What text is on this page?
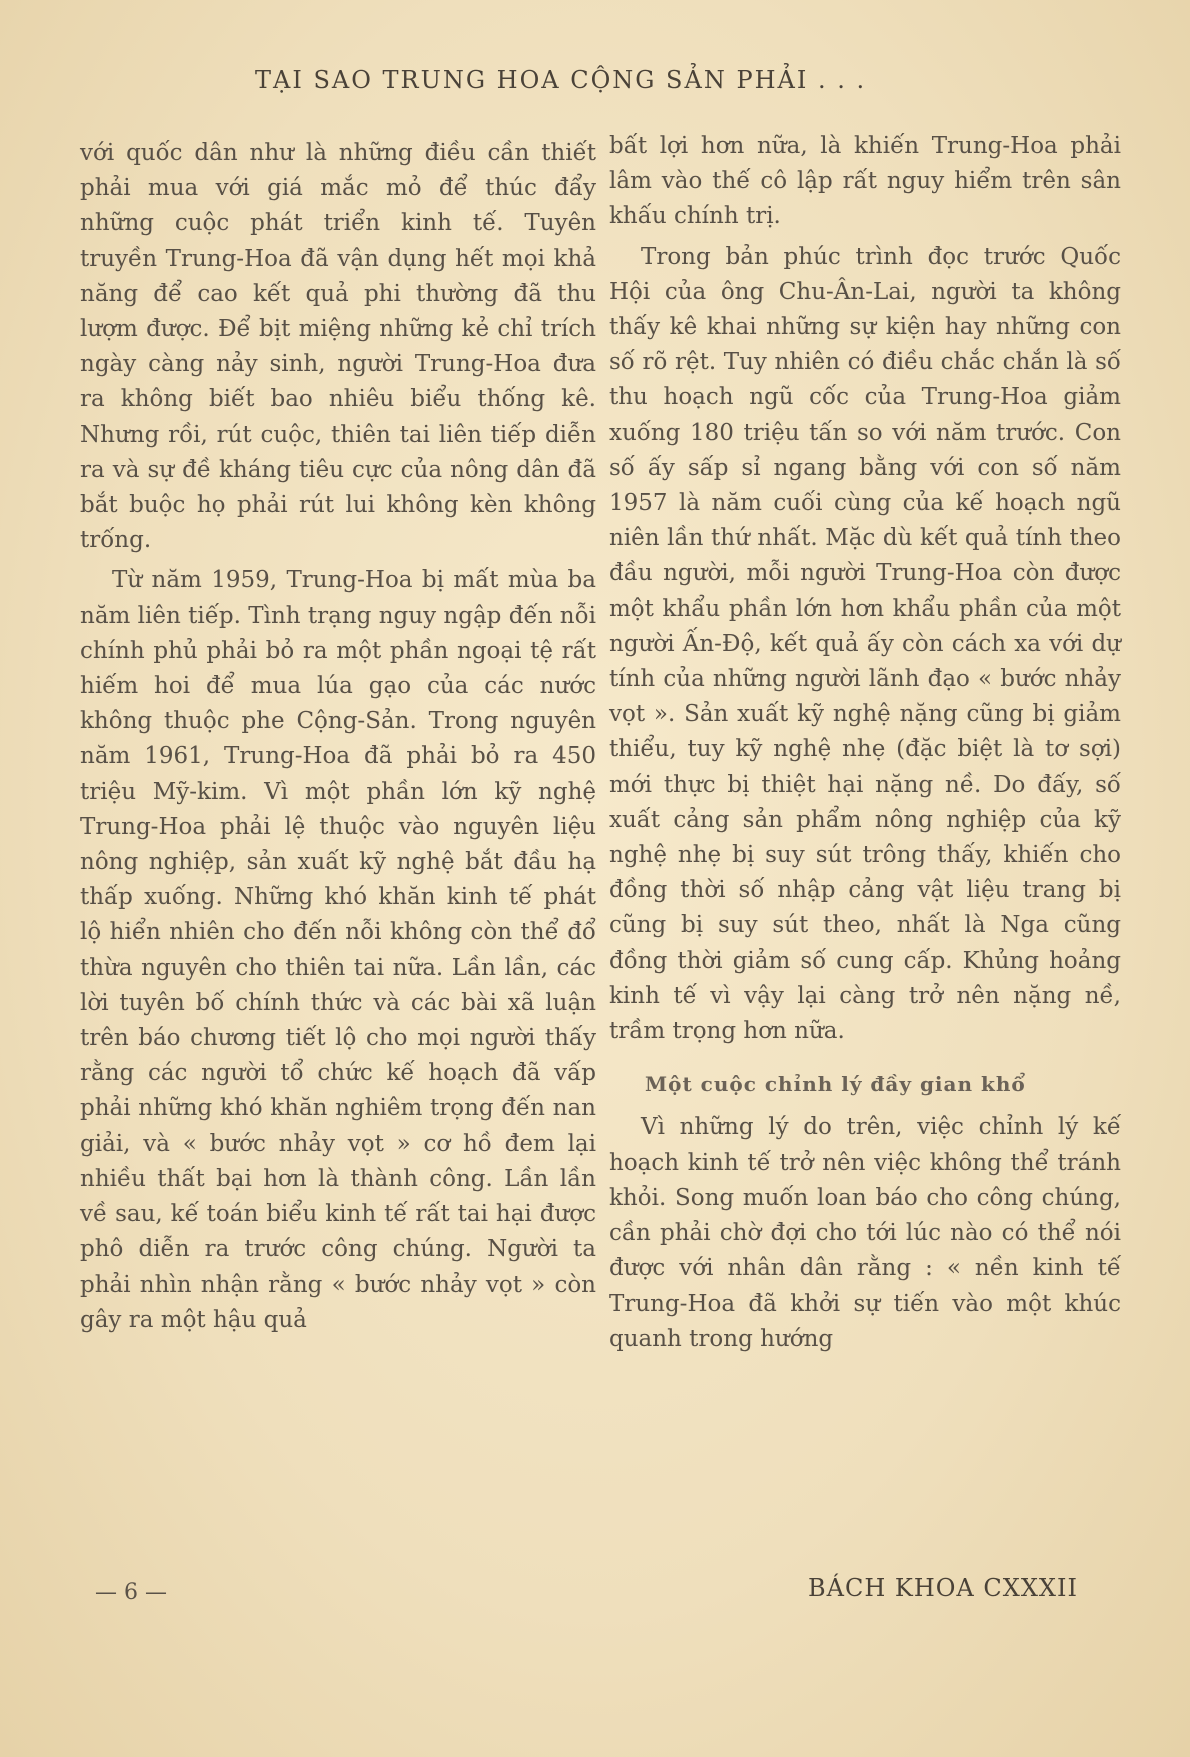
TẠI SAO TRUNG HOA CỘNG SẢN PHẢI . . .

với quốc dân như là những điều cần thiết phải mua với giá mắc mỏ để thúc đẩy những cuộc phát triển kinh tế. Tuyên truyền Trung-Hoa đã vận dụng hết mọi khả năng để cao kết quả phi thường đã thu lượm được. Để bịt miệng những kẻ chỉ trích ngày càng nảy sinh, người Trung-Hoa đưa ra không biết bao nhiêu biểu thống kê. Nhưng rồi, rút cuộc, thiên tai liên tiếp diễn ra và sự đề kháng tiêu cực của nông dân đã bắt buộc họ phải rút lui không kèn không trống.

Từ năm 1959, Trung-Hoa bị mất mùa ba năm liên tiếp. Tình trạng nguy ngập đến nỗi chính phủ phải bỏ ra một phần ngoại tệ rất hiếm hoi để mua lúa gạo của các nước không thuộc phe Cộng-Sản. Trong nguyên năm 1961, Trung-Hoa đã phải bỏ ra 450 triệu Mỹ-kim. Vì một phần lớn kỹ nghệ Trung-Hoa phải lệ thuộc vào nguyên liệu nông nghiệp, sản xuất kỹ nghệ bắt đầu hạ thấp xuống. Những khó khăn kinh tế phát lộ hiển nhiên cho đến nỗi không còn thể đổ thừa nguyên cho thiên tai nữa. Lần lần, các lời tuyên bố chính thức và các bài xã luận trên báo chương tiết lộ cho mọi người thấy rằng các người tổ chức kế hoạch đã vấp phải những khó khăn nghiêm trọng đến nan giải, và « bước nhảy vọt » cơ hồ đem lại nhiều thất bại hơn là thành công. Lần lần về sau, kế toán biểu kinh tế rất tai hại được phô diễn ra trước công chúng. Người ta phải nhìn nhận rằng « bước nhảy vọt » còn gây ra một hậu quả

bất lợi hơn nữa, là khiến Trung-Hoa phải lâm vào thế cô lập rất nguy hiểm trên sân khấu chính trị.

Trong bản phúc trình đọc trước Quốc Hội của ông Chu-Ân-Lai, người ta không thấy kê khai những sự kiện hay những con số rõ rệt. Tuy nhiên có điều chắc chắn là số thu hoạch ngũ cốc của Trung-Hoa giảm xuống 180 triệu tấn so với năm trước. Con số ấy sấp sỉ ngang bằng với con số năm 1957 là năm cuối cùng của kế hoạch ngũ niên lần thứ nhất. Mặc dù kết quả tính theo đầu người, mỗi người Trung-Hoa còn được một khẩu phần lớn hơn khẩu phần của một người Ấn-Độ, kết quả ấy còn cách xa với dự tính của những người lãnh đạo « bước nhảy vọt ». Sản xuất kỹ nghệ nặng cũng bị giảm thiểu, tuy kỹ nghệ nhẹ (đặc biệt là tơ sợi) mới thực bị thiệt hại nặng nề. Do đấy, số xuất cảng sản phẩm nông nghiệp của kỹ nghệ nhẹ bị suy sút trông thấy, khiến cho đồng thời số nhập cảng vật liệu trang bị cũng bị suy sút theo, nhất là Nga cũng đồng thời giảm số cung cấp. Khủng hoảng kinh tế vì vậy lại càng trở nên nặng nề, trầm trọng hơn nữa.

Một cuộc chỉnh lý đầy gian khổ

Vì những lý do trên, việc chỉnh lý kế hoạch kinh tế trở nên việc không thể tránh khỏi. Song muốn loan báo cho công chúng, cần phải chờ đợi cho tới lúc nào có thể nói được với nhân dân rằng : « nền kinh tế Trung-Hoa đã khởi sự tiến vào một khúc quanh trong hướng

— 6 —	BÁCH KHOA CXXXII
